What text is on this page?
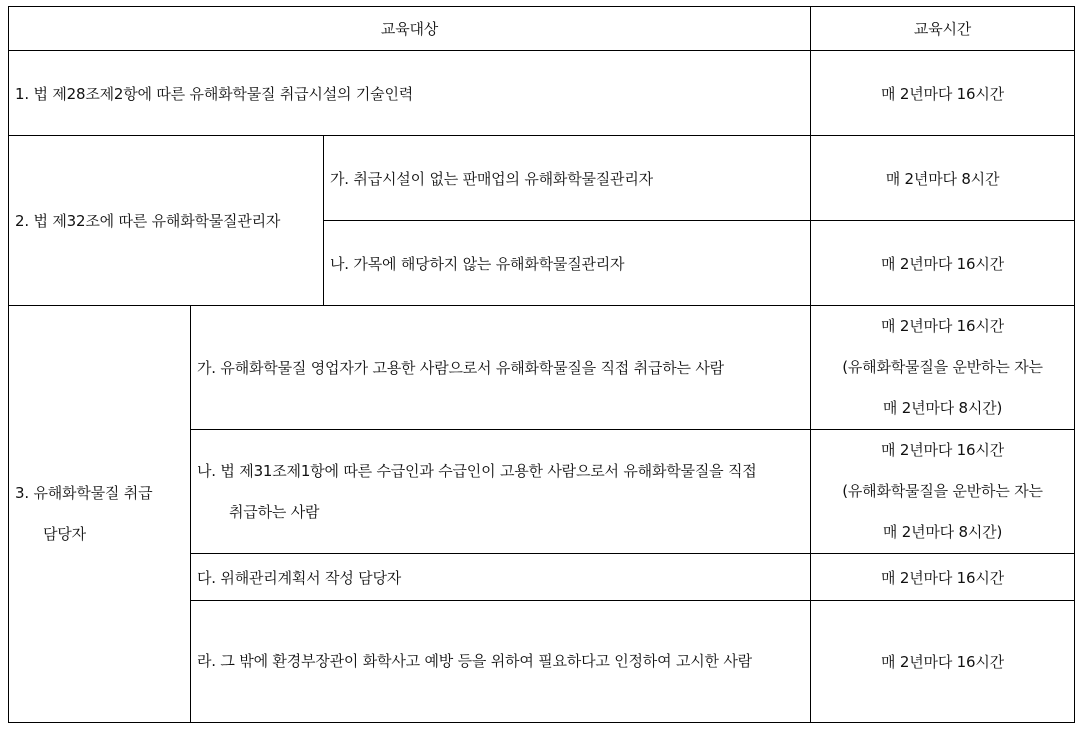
교육대상			교육시간
1. 법 제28조제2항에 따른 유해화학물질 취급시설의 기술인력			매 2년마다 16시간
2. 법 제32조에 따른 유해화학물질관리자		가. 취급시설이 없는 판매업의 유해화학물질관리자	매 2년마다 8시간
		나. 가목에 해당하지 않는 유해화학물질관리자	매 2년마다 16시간

3. 유해화학물질 취급 담당자	가. 유해화학물질 영업자가 고용한 사람으로서 유해화학물질을 직접 취급하는 사람		매 2년마다 16시간
(유해화학물질을 운반하는 자는
매 2년마다 8시간)

	나. 법 제31조제1항에 따른 수급인과 수급인이 고용한 사람으로서 유해화학물질을 직접 취급하는 사람		매 2년마다 16시간
(유해화학물질을 운반하는 자는
매 2년마다 8시간)

	다. 위해관리계획서 작성 담당자		매 2년마다 16시간

	라. 그 밖에 환경부장관이 화학사고 예방 등을 위하여 필요하다고 인정하여 고시한 사람		매 2년마다 16시간
